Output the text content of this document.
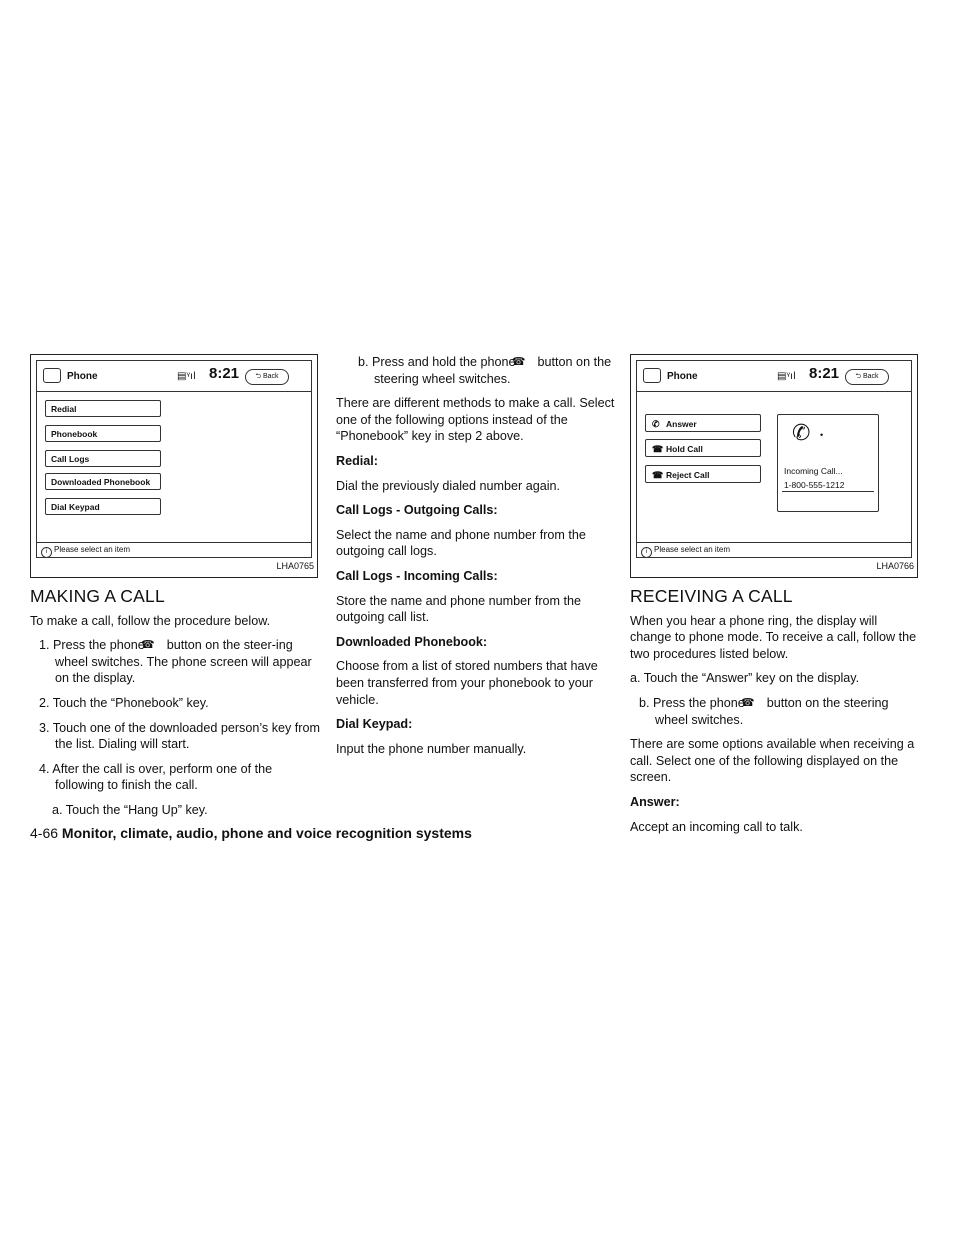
Phone	▤ᵞıl 8:21	⮌ Back
Redial
Phonebook
Call Logs
Downloaded Phonebook
Dial Keypad
i Please select an item
LHA0765
MAKING A CALL

To make a call, follow the procedure below.

1. Press the phone☎ button on the steer-ing wheel switches. The phone screen will appear on the display.

2. Touch the “Phonebook” key.

3. Touch one of the downloaded person’s key from the list. Dialing will start.

4. After the call is over, perform one of the following to finish the call.

a. Touch the “Hang Up” key.

b. Press and hold the phone☎ button on the steering wheel switches.

There are different methods to make a call. Select one of the following options instead of the “Phonebook” key in step 2 above.

Redial:

Dial the previously dialed number again.

Call Logs - Outgoing Calls:

Select the name and phone number from the outgoing call logs.

Call Logs - Incoming Calls:

Store the name and phone number from the outgoing call list.

Downloaded Phonebook:

Choose from a list of stored numbers that have been transferred from your phonebook to your vehicle.

Dial Keypad:

Input the phone number manually.

Phone	▤ᵞıl 8:21	⮌ Back
✆ Answer
☎ Hold Call
☎ Reject Call
✆ •
Incoming Call...
1-800-555-1212
i Please select an item
LHA0766
RECEIVING A CALL

When you hear a phone ring, the display will change to phone mode. To receive a call, follow the two procedures listed below.

a. Touch the “Answer” key on the display.

b. Press the phone☎ button on the steering wheel switches.

There are some options available when receiving a call. Select one of the following displayed on the screen.

Answer:

Accept an incoming call to talk.

4-66 Monitor, climate, audio, phone and voice recognition systems
